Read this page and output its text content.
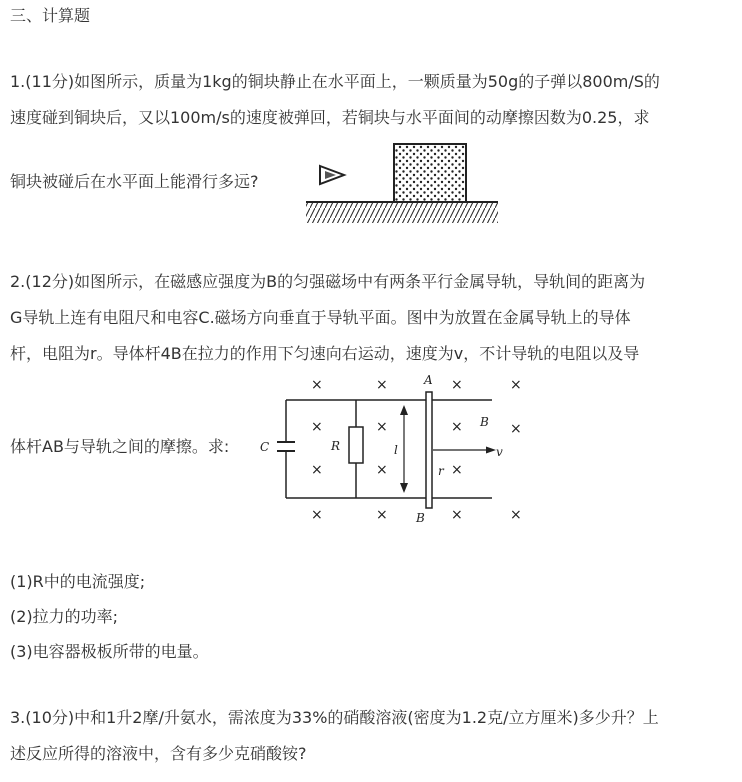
三、计算题

1.(11分)如图所示，质量为1kg的铜块静止在水平面上，一颗质量为50g的子弹以800m/S的

速度碰到铜块后，又以100m/s的速度被弹回，若铜块与水平面间的动摩擦因数为0.25，求

铜块被碰后在水平面上能滑行多远?

2.(12分)如图所示，在磁感应强度为B的匀强磁场中有两条平行金属导轨，导轨间的距离为

G导轨上连有电阻尺和电容C.磁场方向垂直于导轨平面。图中为放置在金属导轨上的导体

杆，电阻为r。导体杆4B在拉力的作用下匀速向右运动，速度为v，不计导轨的电阻以及导

体杆AB与导轨之间的摩擦。求:

×	×	×	×
×	×	×	×
×	×	×
×	×	×	×
C	R	l
A
B
r
v
B

(1)R中的电流强度;

(2)拉力的功率;

(3)电容器极板所带的电量。

3.(10分)中和1升2摩/升氨水，需浓度为33%的硝酸溶液(密度为1.2克/立方厘米)多少升？上

述反应所得的溶液中，含有多少克硝酸铵?
